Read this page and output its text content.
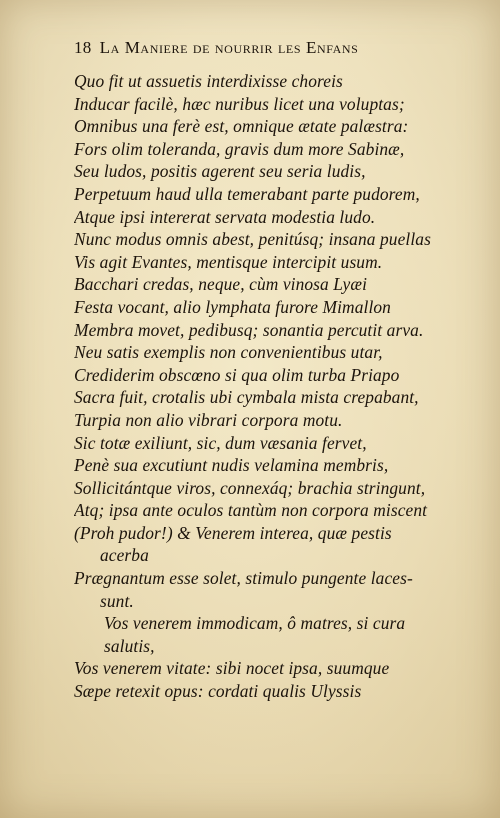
18 La Maniere de nourrir les Enfans
Quo fit ut assuetis interdixisse choreis
Inducar facilè, hæc nuribus licet una voluptas;
Omnibus una ferè est, omnique ætate palæstra:
Fors olim toleranda, gravis dum more Sabinæ,
Seu ludos, positis agerent seu seria ludis,
Perpetuum haud ulla temerabant parte pudorem,
Atque ipsi intererat servata modestia ludo.
Nunc modus omnis abest, penitúsq; insana puellas
Vis agit Evantes, mentisque intercipit usum.
Bacchari credas, neque, cùm vinosa Lyæi
Festa vocant, alio lymphata furore Mimallon
Membra movet, pedibusq; sonantia percutit arva.
Neu satis exemplis non convenientibus utar,
Crediderim obscœno si qua olim turba Priapo
Sacra fuit, crotalis ubi cymbala mista crepabant,
Turpia non alio vibrari corpora motu.
Sic totæ exiliunt, sic, dum væsania fervet,
Penè sua excutiunt nudis velamina membris,
Sollicitántque viros, connexáq; brachia stringunt,
Atq; ipsa ante oculos tantùm non corpora miscent
(Proh pudor!) & Venerem interea, quæ pestis
acerba
Prægnantum esse solet, stimulo pungente laces-
sunt.
Vos venerem immodicam, ô matres, si cura
salutis,
Vos venerem vitate: sibi nocet ipsa, suumque
Sæpe retexit opus: cordati qualis Ulyssis
